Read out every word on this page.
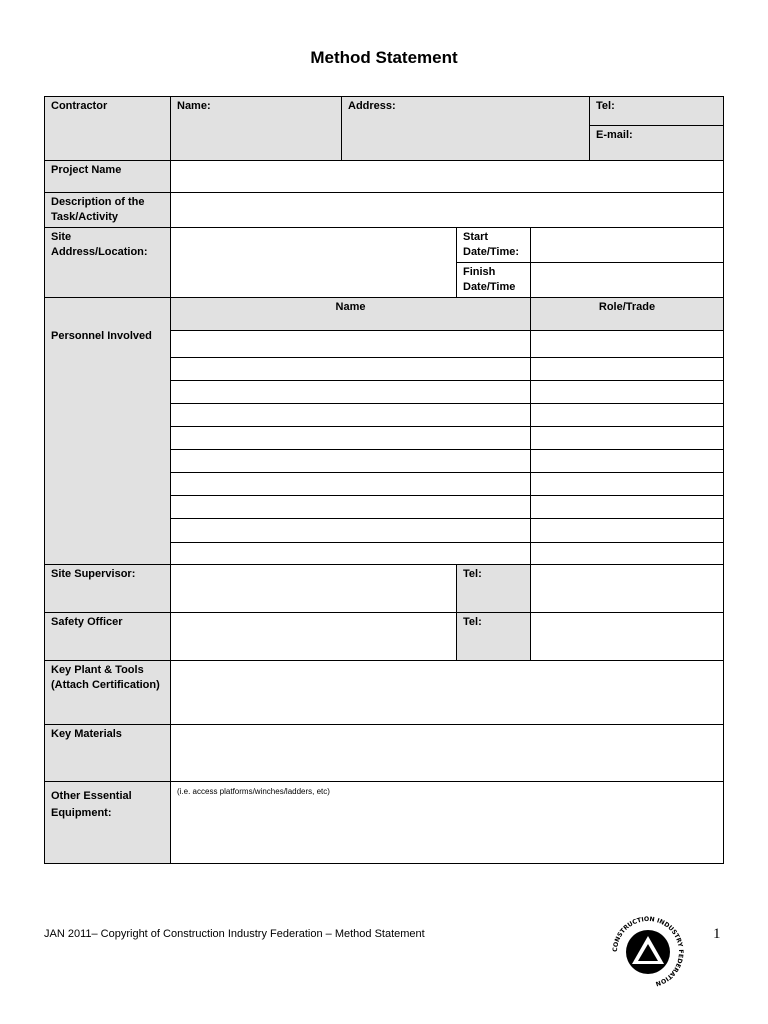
Method Statement
Contractor	Name:	Address:			Tel:
					E-mail:
Project Name					
Description of the Task/Activity					
Site Address/Location:			Start Date/Time:		
			Finish Date/Time		
Personnel Involved	Name			Role/Trade	

Site Supervisor:			Tel:		
Safety Officer			Tel:		
Key Plant & Tools (Attach Certification)					
Key Materials					
Other Essential Equipment:	(i.e. access platforms/winches/ladders, etc)				
JAN 2011– Copyright of Construction Industry Federation – Method Statement	1
CONSTRUCTION INDUSTRY FEDERATION
